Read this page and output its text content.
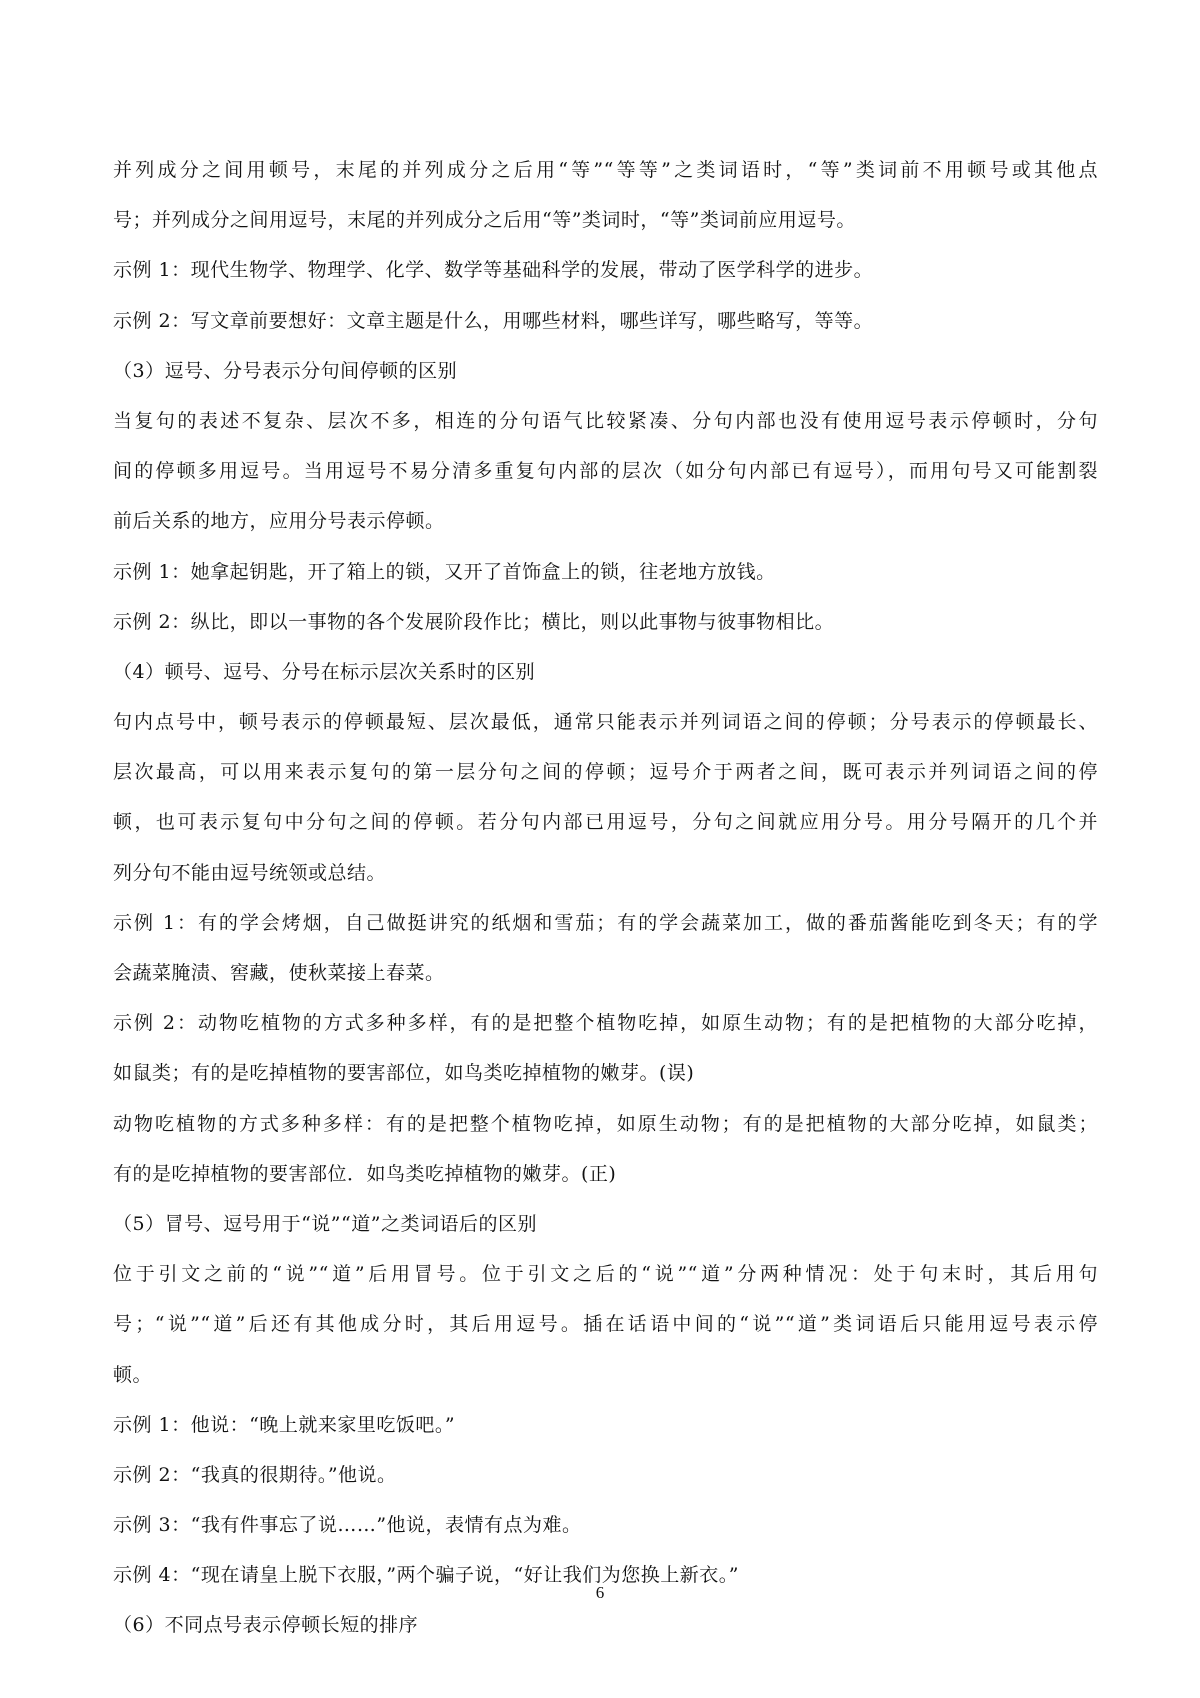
并列成分之间用顿号，末尾的并列成分之后用“等”“等等”之类词语时，“等”类词前不用顿号或其他点
号；并列成分之间用逗号，末尾的并列成分之后用“等”类词时，“等”类词前应用逗号。
示例 1：现代生物学、物理学、化学、数学等基础科学的发展，带动了医学科学的进步。
示例 2：写文章前要想好：文章主题是什么，用哪些材料，哪些详写，哪些略写，等等。
（3）逗号、分号表示分句间停顿的区别
当复句的表述不复杂、层次不多，相连的分句语气比较紧凑、分句内部也没有使用逗号表示停顿时，分句
间的停顿多用逗号。当用逗号不易分清多重复句内部的层次（如分句内部已有逗号），而用句号又可能割裂
前后关系的地方，应用分号表示停顿。
示例 1：她拿起钥匙，开了箱上的锁，又开了首饰盒上的锁，往老地方放钱。
示例 2：纵比，即以一事物的各个发展阶段作比；横比，则以此事物与彼事物相比。
（4）顿号、逗号、分号在标示层次关系时的区别
句内点号中，顿号表示的停顿最短、层次最低，通常只能表示并列词语之间的停顿；分号表示的停顿最长、
层次最高，可以用来表示复句的第一层分句之间的停顿；逗号介于两者之间，既可表示并列词语之间的停
顿，也可表示复句中分句之间的停顿。若分句内部已用逗号，分句之间就应用分号。用分号隔开的几个并
列分句不能由逗号统领或总结。
示例 1：有的学会烤烟，自己做挺讲究的纸烟和雪茄；有的学会蔬菜加工，做的番茄酱能吃到冬天；有的学
会蔬菜腌渍、窖藏，使秋菜接上春菜。
示例 2：动物吃植物的方式多种多样，有的是把整个植物吃掉，如原生动物；有的是把植物的大部分吃掉，
如鼠类；有的是吃掉植物的要害部位，如鸟类吃掉植物的嫩芽。(误)
动物吃植物的方式多种多样：有的是把整个植物吃掉，如原生动物；有的是把植物的大部分吃掉，如鼠类；
有的是吃掉植物的要害部位．如鸟类吃掉植物的嫩芽。(正)
（5）冒号、逗号用于“说”“道”之类词语后的区别
位于引文之前的“说”“道”后用冒号。位于引文之后的“说”“道”分两种情况：处于句末时，其后用句
号；“说”“道”后还有其他成分时，其后用逗号。插在话语中间的“说”“道”类词语后只能用逗号表示停
顿。
示例 1：他说：“晚上就来家里吃饭吧。”
示例 2：“我真的很期待。”他说。
示例 3：“我有件事忘了说……”他说，表情有点为难。
示例 4：“现在请皇上脱下衣服，”两个骗子说，“好让我们为您换上新衣。”
（6）不同点号表示停顿长短的排序
6
